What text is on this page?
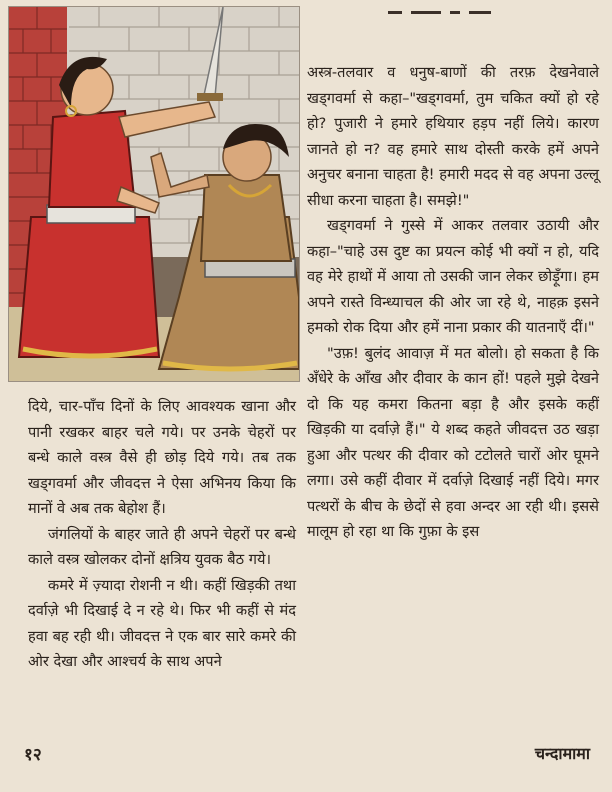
दिये, चार-पाँच दिनों के लिए आवश्यक खाना और पानी रखकर बाहर चले गये। पर उनके चेहरों पर बन्धे काले वस्त्र वैसे ही छोड़ दिये गये। तब तक खड्गवर्मा और जीवदत्त ने ऐसा अभिनय किया कि मानों वे अब तक बेहोश हैं।

जंगलियों के बाहर जाते ही अपने चेहरों पर बन्धे काले वस्त्र खोलकर दोनों क्षत्रिय युवक बैठ गये।

कमरे में ज़्यादा रोशनी न थी। कहीं खिड़की तथा दर्वाज़े भी दिखाई दे न रहे थे। फिर भी कहीं से मंद हवा बह रही थी। जीवदत्त ने एक बार सारे कमरे की ओर देखा और आश्चर्य के साथ अपने

अस्त्र-तलवार व धनुष-बाणों की तरफ़ देखनेवाले खड्गवर्मा से कहा–"खड्गवर्मा, तुम चकित क्यों हो रहे हो? पुजारी ने हमारे हथियार हड़प नहीं लिये। कारण जानते हो न? वह हमारे साथ दोस्ती करके हमें अपने अनुचर बनाना चाहता है! हमारी मदद से वह अपना उल्लू सीधा करना चाहता है। समझे!"

खड्गवर्मा ने गुस्से में आकर तलवार उठायी और कहा–"चाहे उस दुष्ट का प्रयत्न कोई भी क्यों न हो, यदि वह मेरे हाथों में आया तो उसकी जान लेकर छोड़ूँगा। हम अपने रास्ते विन्ध्याचल की ओर जा रहे थे, नाहक़ इसने हमको रोक दिया और हमें नाना प्रकार की यातनाएँ दीं।"

"उफ़! बुलंद आवाज़ में मत बोलो। हो सकता है कि अँधेरे के आँख और दीवार के कान हों! पहले मुझे देखने दो कि यह कमरा कितना बड़ा है और इसके कहीं खिड़की या दर्वाज़े हैं।" ये शब्द कहते जीवदत्त उठ खड़ा हुआ और पत्थर की दीवार को टटोलते चारों ओर घूमने लगा। उसे कहीं दीवार में दर्वाज़े दिखाई नहीं दिये। मगर पत्थरों के बीच के छेदों से हवा अन्दर आ रही थी। इससे मालूम हो रहा था कि गुफ़ा के इस

१२	चन्दामामा
